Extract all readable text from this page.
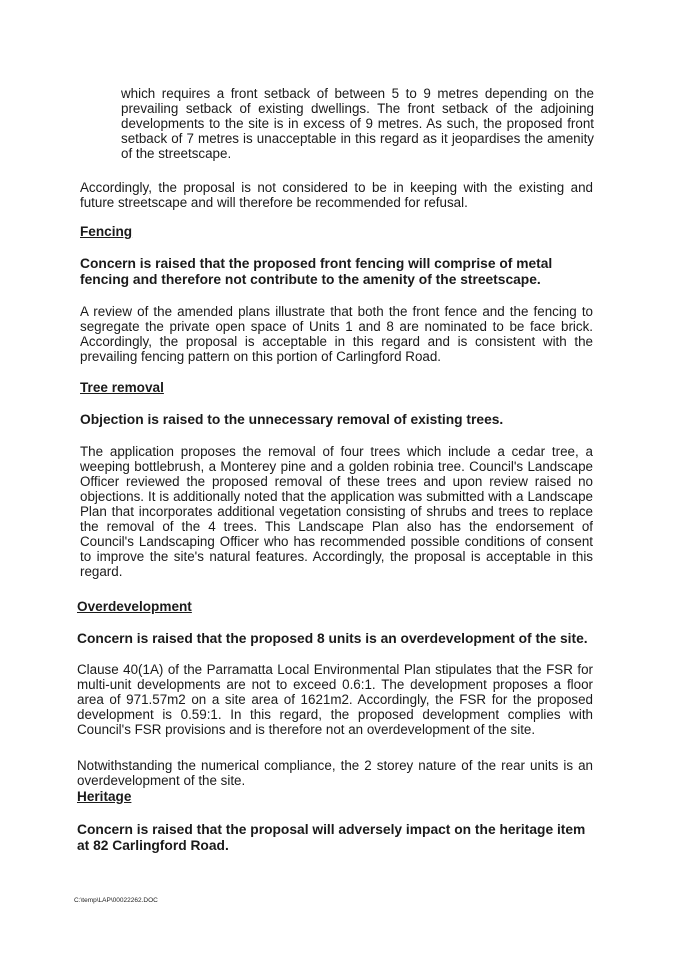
which requires a front setback of between 5 to 9 metres depending on the prevailing setback of existing dwellings. The front setback of the adjoining developments to the site is in excess of 9 metres. As such, the proposed front setback of 7 metres is unacceptable in this regard as it jeopardises the amenity of the streetscape.

Accordingly, the proposal is not considered to be in keeping with the existing and future streetscape and will therefore be recommended for refusal.

Fencing

Concern is raised that the proposed front fencing will comprise of metal fencing and therefore not contribute to the amenity of the streetscape.

A review of the amended plans illustrate that both the front fence and the fencing to segregate the private open space of Units 1 and 8 are nominated to be face brick. Accordingly, the proposal is acceptable in this regard and is consistent with the prevailing fencing pattern on this portion of Carlingford Road.

Tree removal

Objection is raised to the unnecessary removal of existing trees.

The application proposes the removal of four trees which include a cedar tree, a weeping bottlebrush, a Monterey pine and a golden robinia tree. Council's Landscape Officer reviewed the proposed removal of these trees and upon review raised no objections. It is additionally noted that the application was submitted with a Landscape Plan that incorporates additional vegetation consisting of shrubs and trees to replace the removal of the 4 trees. This Landscape Plan also has the endorsement of Council's Landscaping Officer who has recommended possible conditions of consent to improve the site's natural features. Accordingly, the proposal is acceptable in this regard.

Overdevelopment

Concern is raised that the proposed 8 units is an overdevelopment of the site.

Clause 40(1A) of the Parramatta Local Environmental Plan stipulates that the FSR for multi-unit developments are not to exceed 0.6:1. The development proposes a floor area of 971.57m2 on a site area of 1621m2. Accordingly, the FSR for the proposed development is 0.59:1. In this regard, the proposed development complies with Council's FSR provisions and is therefore not an overdevelopment of the site.

Notwithstanding the numerical compliance, the 2 storey nature of the rear units is an overdevelopment of the site.

Heritage

Concern is raised that the proposal will adversely impact on the heritage item at 82 Carlingford Road.

C:\temp\LAP\00022262.DOC
